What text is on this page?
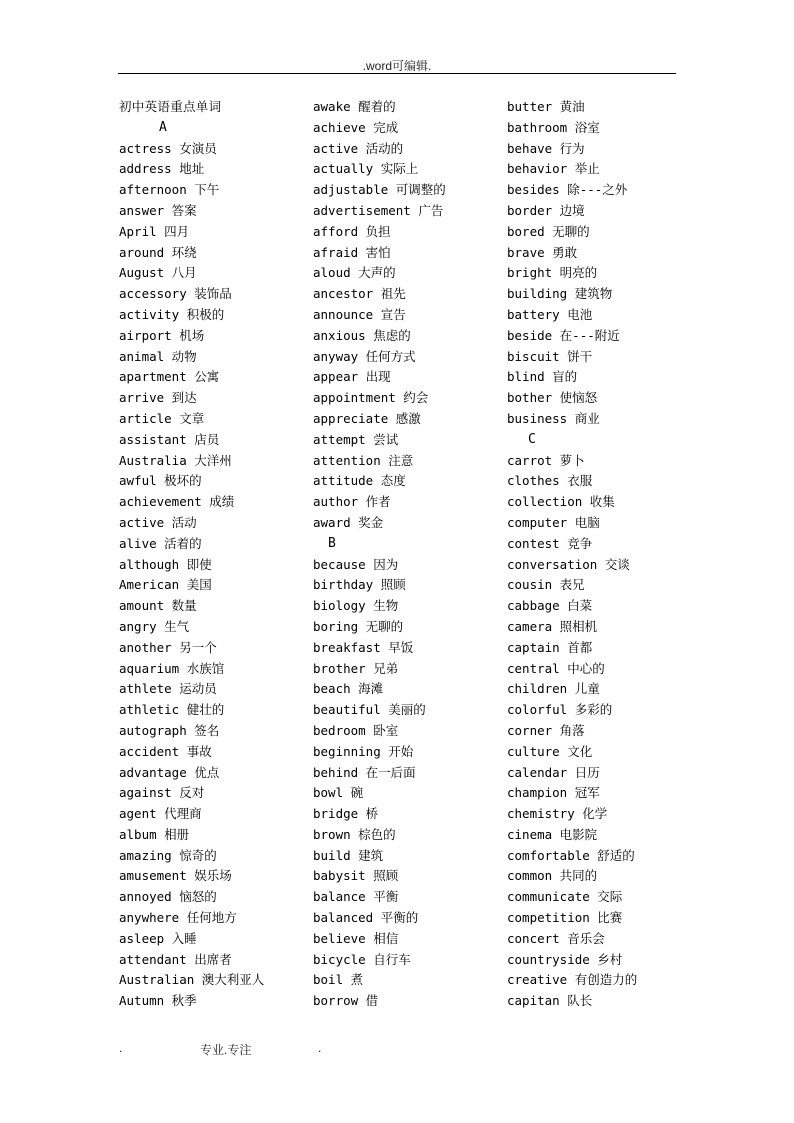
.word可编辑.
初中英语重点单词
A
actress 女演员
address 地址
afternoon 下午
answer 答案
April 四月
around 环绕
August 八月
accessory 装饰品
activity 积极的
airport 机场
animal 动物
apartment 公寓
arrive 到达
article 文章
assistant 店员
Australia 大洋州
awful 极坏的
achievement 成绩
active 活动
alive 活着的
although 即使
American 美国
amount 数量
angry 生气
another 另一个
aquarium 水族馆
athlete 运动员
athletic 健壮的
autograph 签名
accident 事故
advantage 优点
against 反对
agent 代理商
album 相册
amazing 惊奇的
amusement 娱乐场
annoyed 恼怒的
anywhere 任何地方
asleep 入睡
attendant 出席者
Australian 澳大利亚人
Autumn 秋季
awake 醒着的
achieve 完成
active 活动的
actually 实际上
adjustable 可调整的
advertisement 广告
afford 负担
afraid 害怕
aloud 大声的
ancestor 祖先
announce 宣告
anxious 焦虑的
anyway 任何方式
appear 出现
appointment 约会
appreciate 感激
attempt 尝试
attention 注意
attitude 态度
author 作者
award 奖金
B
because 因为
birthday 照顾
biology 生物
boring 无聊的
breakfast 早饭
brother 兄弟
beach 海滩
beautiful 美丽的
bedroom 卧室
beginning 开始
behind 在一后面
bowl 碗
bridge 桥
brown 棕色的
build 建筑
babysit 照顾
balance 平衡
balanced 平衡的
believe 相信
bicycle 自行车
boil 煮
borrow 借
butter 黄油
bathroom 浴室
behave 行为
behavior 举止
besides 除---之外
border 边境
bored 无聊的
brave 勇敢
bright 明亮的
building 建筑物
battery 电池
beside 在---附近
biscuit 饼干
blind 盲的
bother 使恼怒
business 商业
C
carrot 萝卜
clothes 衣服
collection 收集
computer 电脑
contest 竞争
conversation 交谈
cousin 表兄
cabbage 白菜
camera 照相机
captain 首都
central 中心的
children 儿童
colorful 多彩的
corner 角落
culture 文化
calendar 日历
champion 冠军
chemistry 化学
cinema 电影院
comfortable 舒适的
common 共同的
communicate 交际
competition 比赛
concert 音乐会
countryside 乡村
creative 有创造力的
capitan 队长
.	专业.专注	.
